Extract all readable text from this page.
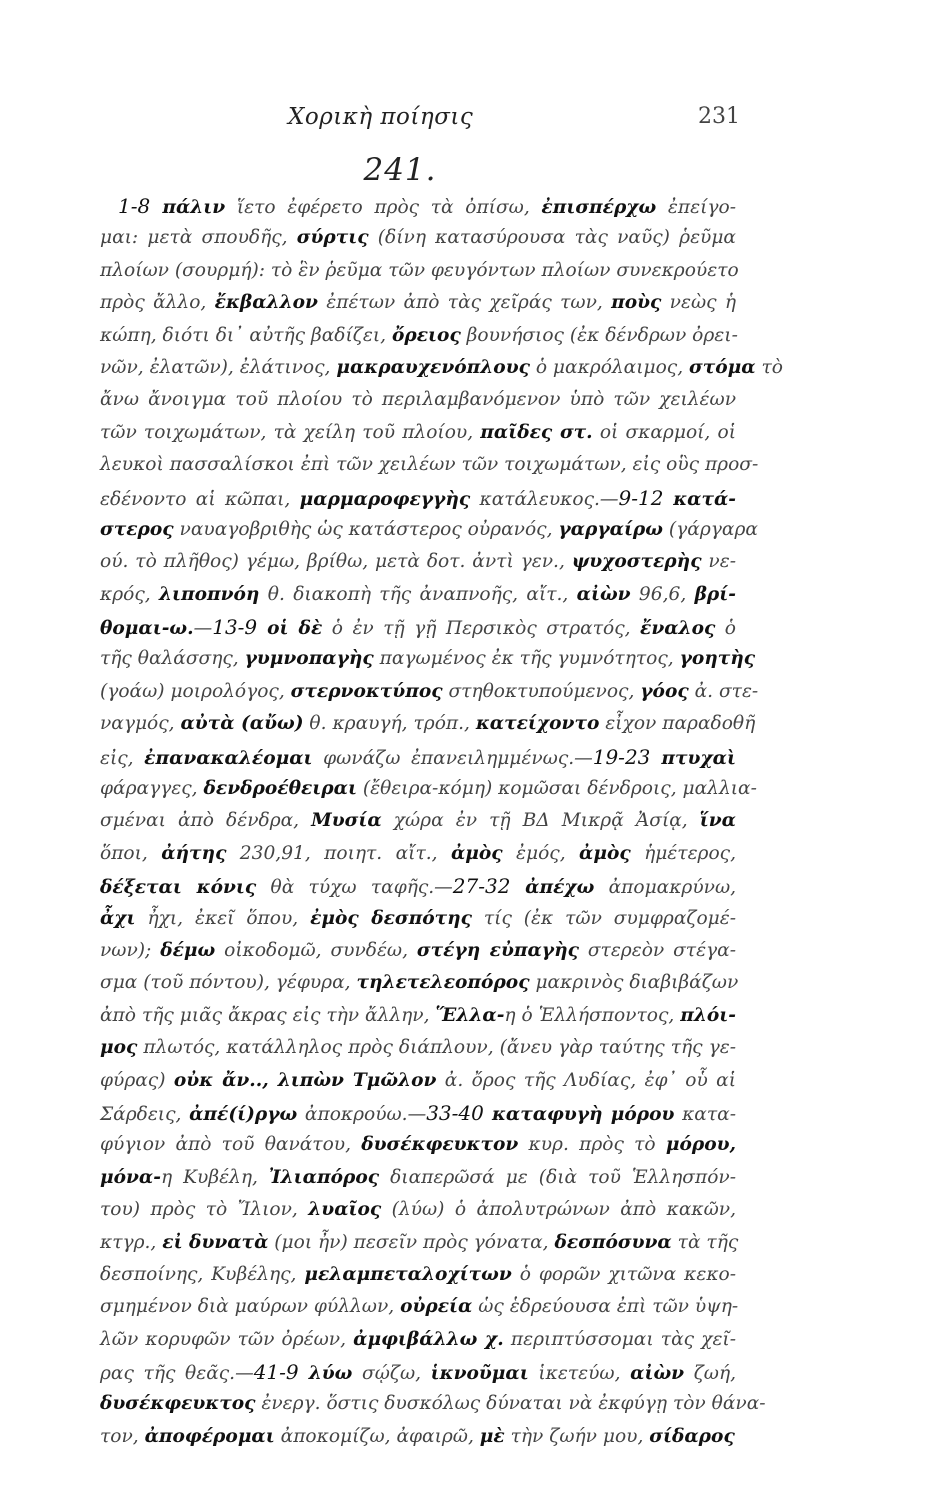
Χορικὴ ποίησις	231
241.
1-8 πάλιν ἵετο ἐφέρετο πρὸς τὰ ὀπίσω, ἐπισπέρχω ἐπείγο-
μαι: μετὰ σπουδῆς, σύρτις (δίνη κατασύρουσα τὰς ναῦς) ῥεῦμα
πλοίων (σουρμή): τὸ ἓν ῥεῦμα τῶν φευγόντων πλοίων συνεκρούετο
πρὸς ἄλλο, ἔκβαλλον ἐπέτων ἀπὸ τὰς χεῖράς των, ποὺς νεὼς ἡ
κώπη, διότι δι᾽ αὐτῆς βαδίζει, ὄρειος βουνήσιος (ἐκ δένδρων ὀρει-
νῶν, ἐλατῶν), ἐλάτινος, μακραυχενόπλους ὁ μακρόλαιμος, στόμα τὸ
ἄνω ἄνοιγμα τοῦ πλοίου τὸ περιλαμβανόμενον ὑπὸ τῶν χειλέων
τῶν τοιχωμάτων, τὰ χείλη τοῦ πλοίου, παῖδες στ. οἱ σκαρμοί, οἱ
λευκοὶ πασσαλίσκοι ἐπὶ τῶν χειλέων τῶν τοιχωμάτων, εἰς οὓς προσ-
εδένοντο αἱ κῶπαι, μαρμαροφεγγὴς κατάλευκος.—9-12 κατά-
στερος ναυαγοβριθὴς ὡς κατάστερος οὐρανός, γαργαίρω (γάργαρα
ού. τὸ πλῆθος) γέμω, βρίθω, μετὰ δοτ. ἀντὶ γεν., ψυχοστερὴς νε-
κρός, λιποπνόη θ. διακοπὴ τῆς ἀναπνοῆς, αἴτ., αἰὼν 96,6, βρί-
θομαι-ω.—13-9 οἱ δὲ ὁ ἐν τῇ γῇ Περσικὸς στρατός, ἔναλος ὁ
τῆς θαλάσσης, γυμνοπαγὴς παγωμένος ἐκ τῆς γυμνότητος, γοητὴς
(γοάω) μοιρολόγος, στερνοκτύπος στηθοκτυπούμενος, γόος ἀ. στε-
ναγμός, αὐτὰ (αὔω) θ. κραυγή, τρόπ., κατείχοντο εἶχον παραδοθῆ
εἰς, ἐπανακαλέομαι φωνάζω ἐπανειλημμένως.—19-23 πτυχαὶ
φάραγγες, δενδροέθειραι (ἔθειρα-κόμη) κομῶσαι δένδροις, μαλλια-
σμέναι ἀπὸ δένδρα, Μυσία χώρα ἐν τῇ ΒΔ Μικρᾷ Ἀσίᾳ, ἵνα
ὅποι, ἀήτης 230,91, ποιητ. αἴτ., ἀμὸς ἐμός, ἀμὸς ἡμέτερος,
δέξεται κόνις θὰ τύχω ταφῆς.—27-32 ἀπέχω ἀπομακρύνω,
ἆχι ἦχι, ἐκεῖ ὅπου, ἐμὸς δεσπότης τίς (ἐκ τῶν συμφραζομέ-
νων); δέμω οἰκοδομῶ, συνδέω, στέγη εὐπαγὴς στερεὸν στέγα-
σμα (τοῦ πόντου), γέφυρα, τηλετελεοπόρος μακρινὸς διαβιβάζων
ἀπὸ τῆς μιᾶς ἄκρας εἰς τὴν ἄλλην, Ἕλλα-η ὁ Ἑλλήσποντος, πλόι-
μος πλωτός, κατάλληλος πρὸς διάπλουν, (ἄνευ γὰρ ταύτης τῆς γε-
φύρας) οὐκ ἄν.., λιπὼν Τμῶλον ἀ. ὄρος τῆς Λυδίας, ἐφ᾽ οὗ αἱ
Σάρδεις, ἀπέ(ί)ργω ἀποκρούω.—33-40 καταφυγὴ μόρου κατα-
φύγιον ἀπὸ τοῦ θανάτου, δυσέκφευκτον κυρ. πρὸς τὸ μόρου,
μόνα-η Κυβέλη, Ἰλιαπόρος διαπερῶσά με (διὰ τοῦ Ἑλλησπόν-
του) πρὸς τὸ Ἴλιον, λυαῖος (λύω) ὁ ἀπολυτρώνων ἀπὸ κακῶν,
κτγρ., εἰ δυνατὰ (μοι ἦν) πεσεῖν πρὸς γόνατα, δεσπόσυνα τὰ τῆς
δεσποίνης, Κυβέλης, μελαμπεταλοχίτων ὁ φορῶν χιτῶνα κεκο-
σμημένον διὰ μαύρων φύλλων, οὐρεία ὡς ἑδρεύουσα ἐπὶ τῶν ὑψη-
λῶν κορυφῶν τῶν ὀρέων, ἀμφιβάλλω χ. περιπτύσσομαι τὰς χεῖ-
ρας τῆς θεᾶς.—41-9 λύω σῴζω, ἱκνοῦμαι ἱκετεύω, αἰὼν ζωή,
δυσέκφευκτος ἐνεργ. ὅστις δυσκόλως δύναται νὰ ἐκφύγῃ τὸν θάνα-
τον, ἀποφέρομαι ἀποκομίζω, ἀφαιρῶ, μὲ τὴν ζωήν μου, σίδαρος
